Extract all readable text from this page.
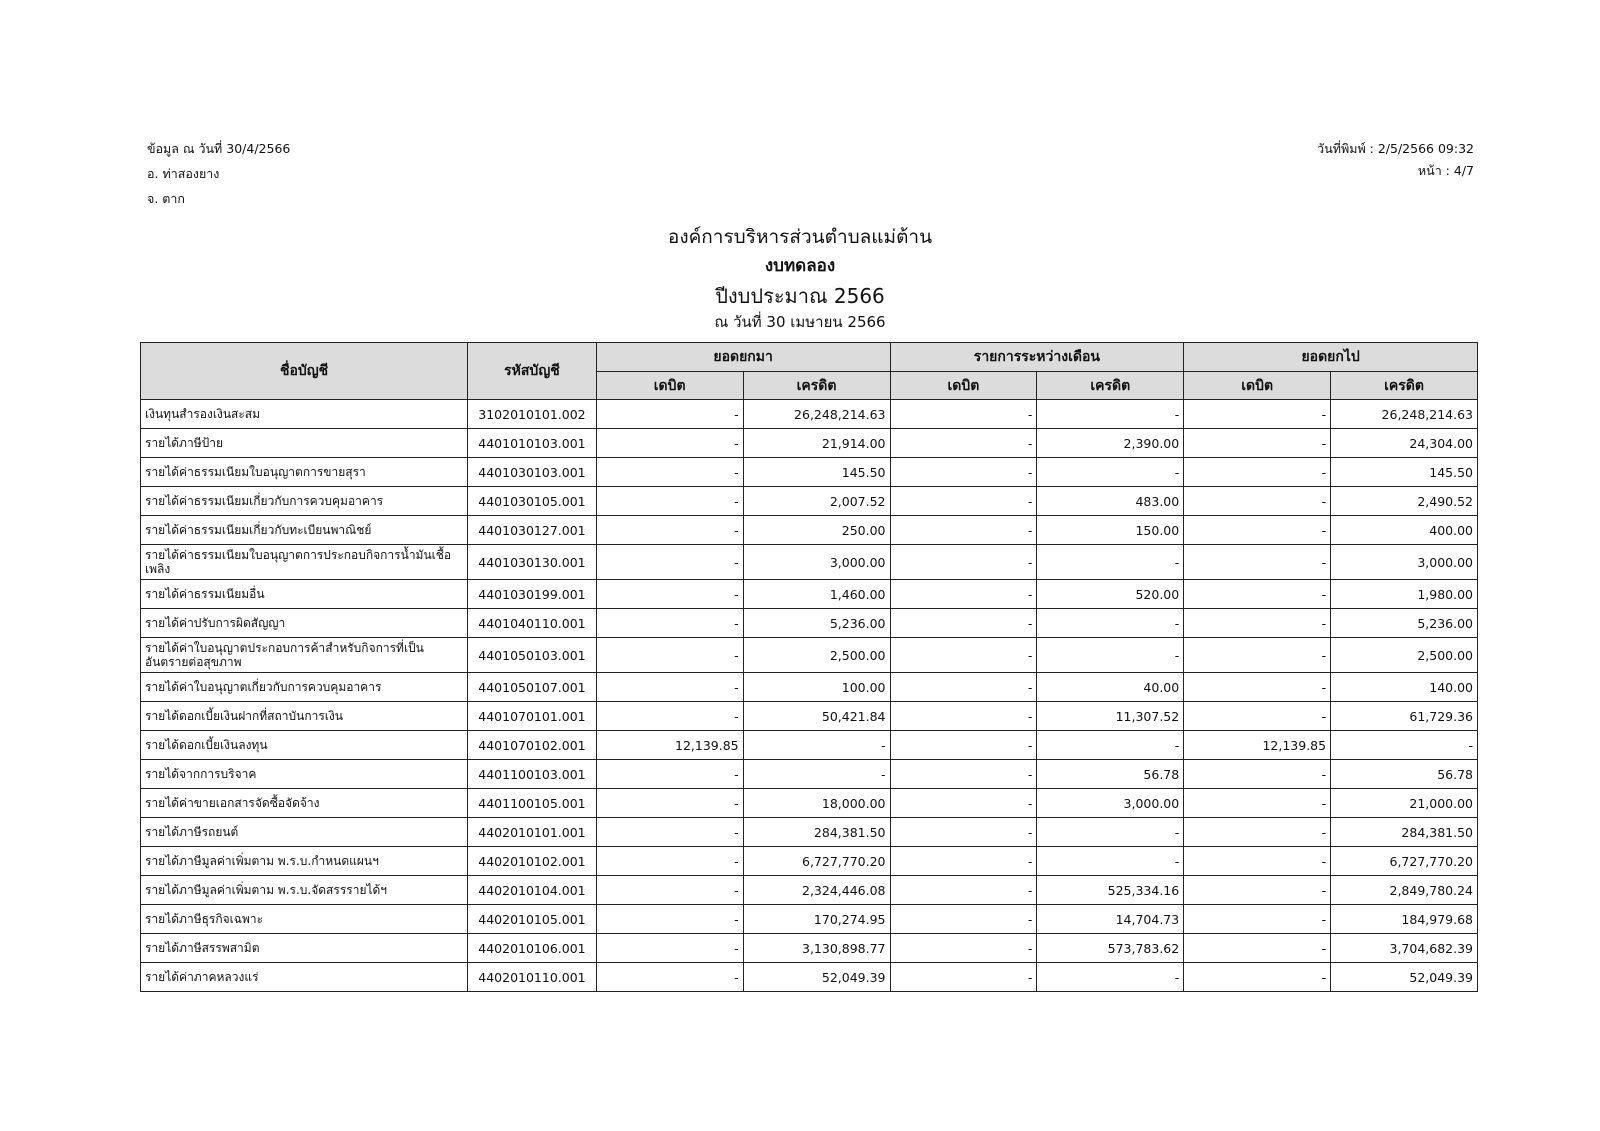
ข้อมูล ณ วันที่ 30/4/2566
อ. ท่าสองยาง
จ. ตาก
วันที่พิมพ์ : 2/5/2566 09:32
หน้า : 4/7
องค์การบริหารส่วนตำบลแม่ต้าน
งบทดลอง
ปีงบประมาณ 2566
ณ วันที่ 30 เมษายน 2566
ชื่อบัญชี	รหัสบัญชี	ยอดยกมา		รายการระหว่างเดือน		ยอดยกไป	
		เดบิต	เครดิต	เดบิต	เครดิต	เดบิต	เครดิต
เงินทุนสำรองเงินสะสม	3102010101.002	-	26,248,214.63	-	-	-	26,248,214.63
รายได้ภาษีป้าย	4401010103.001	-	21,914.00	-	2,390.00	-	24,304.00
รายได้ค่าธรรมเนียมใบอนุญาตการขายสุรา	4401030103.001	-	145.50	-	-	-	145.50
รายได้ค่าธรรมเนียมเกี่ยวกับการควบคุมอาคาร	4401030105.001	-	2,007.52	-	483.00	-	2,490.52
รายได้ค่าธรรมเนียมเกี่ยวกับทะเบียนพาณิชย์	4401030127.001	-	250.00	-	150.00	-	400.00
รายได้ค่าธรรมเนียมใบอนุญาตการประกอบกิจการน้ำมันเชื้อเพลิง	4401030130.001	-	3,000.00	-	-	-	3,000.00
รายได้ค่าธรรมเนียมอื่น	4401030199.001	-	1,460.00	-	520.00	-	1,980.00
รายได้ค่าปรับการผิดสัญญา	4401040110.001	-	5,236.00	-	-	-	5,236.00
รายได้ค่าใบอนุญาตประกอบการค้าสำหรับกิจการที่เป็นอันตรายต่อสุขภาพ	4401050103.001	-	2,500.00	-	-	-	2,500.00
รายได้ค่าใบอนุญาตเกี่ยวกับการควบคุมอาคาร	4401050107.001	-	100.00	-	40.00	-	140.00
รายได้ดอกเบี้ยเงินฝากที่สถาบันการเงิน	4401070101.001	-	50,421.84	-	11,307.52	-	61,729.36
รายได้ดอกเบี้ยเงินลงทุน	4401070102.001	12,139.85	-	-	-	12,139.85	-
รายได้จากการบริจาค	4401100103.001	-	-	-	56.78	-	56.78
รายได้ค่าขายเอกสารจัดซื้อจัดจ้าง	4401100105.001	-	18,000.00	-	3,000.00	-	21,000.00
รายได้ภาษีรถยนต์	4402010101.001	-	284,381.50	-	-	-	284,381.50
รายได้ภาษีมูลค่าเพิ่มตาม พ.ร.บ.กำหนดแผนฯ	4402010102.001	-	6,727,770.20	-	-	-	6,727,770.20
รายได้ภาษีมูลค่าเพิ่มตาม พ.ร.บ.จัดสรรรายได้ฯ	4402010104.001	-	2,324,446.08	-	525,334.16	-	2,849,780.24
รายได้ภาษีธุรกิจเฉพาะ	4402010105.001	-	170,274.95	-	14,704.73	-	184,979.68
รายได้ภาษีสรรพสามิต	4402010106.001	-	3,130,898.77	-	573,783.62	-	3,704,682.39
รายได้ค่าภาคหลวงแร่	4402010110.001	-	52,049.39	-	-	-	52,049.39
